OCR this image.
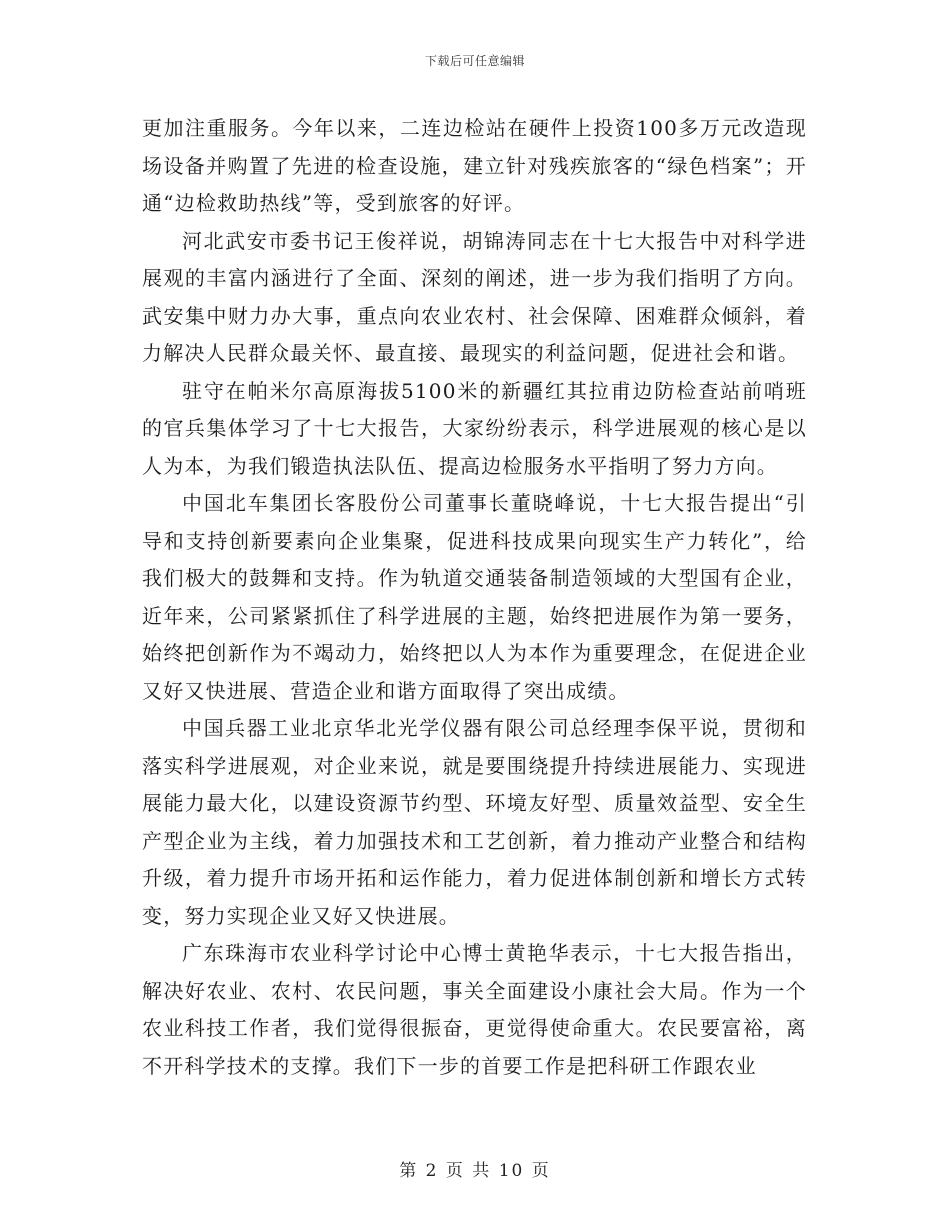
下载后可任意编辑

更加注重服务。今年以来，二连边检站在硬件上投资100多万元改造现场设备并购置了先进的检查设施，建立针对残疾旅客的“绿色档案”；开通“边检救助热线”等，受到旅客的好评。

河北武安市委书记王俊祥说，胡锦涛同志在十七大报告中对科学进展观的丰富内涵进行了全面、深刻的阐述，进一步为我们指明了方向。武安集中财力办大事，重点向农业农村、社会保障、困难群众倾斜，着力解决人民群众最关怀、最直接、最现实的利益问题，促进社会和谐。

驻守在帕米尔高原海拔5100米的新疆红其拉甫边防检查站前哨班的官兵集体学习了十七大报告，大家纷纷表示，科学进展观的核心是以人为本，为我们锻造执法队伍、提高边检服务水平指明了努力方向。

中国北车集团长客股份公司董事长董晓峰说，十七大报告提出“引导和支持创新要素向企业集聚，促进科技成果向现实生产力转化”，给我们极大的鼓舞和支持。作为轨道交通装备制造领域的大型国有企业，近年来，公司紧紧抓住了科学进展的主题，始终把进展作为第一要务，始终把创新作为不竭动力，始终把以人为本作为重要理念，在促进企业又好又快进展、营造企业和谐方面取得了突出成绩。

中国兵器工业北京华北光学仪器有限公司总经理李保平说，贯彻和落实科学进展观，对企业来说，就是要围绕提升持续进展能力、实现进展能力最大化，以建设资源节约型、环境友好型、质量效益型、安全生产型企业为主线，着力加强技术和工艺创新，着力推动产业整合和结构升级，着力提升市场开拓和运作能力，着力促进体制创新和增长方式转变，努力实现企业又好又快进展。

广东珠海市农业科学讨论中心博士黄艳华表示，十七大报告指出，解决好农业、农村、农民问题，事关全面建设小康社会大局。作为一个农业科技工作者，我们觉得很振奋，更觉得使命重大。农民要富裕，离不开科学技术的支撑。我们下一步的首要工作是把科研工作跟农业

第 2 页 共 10 页
